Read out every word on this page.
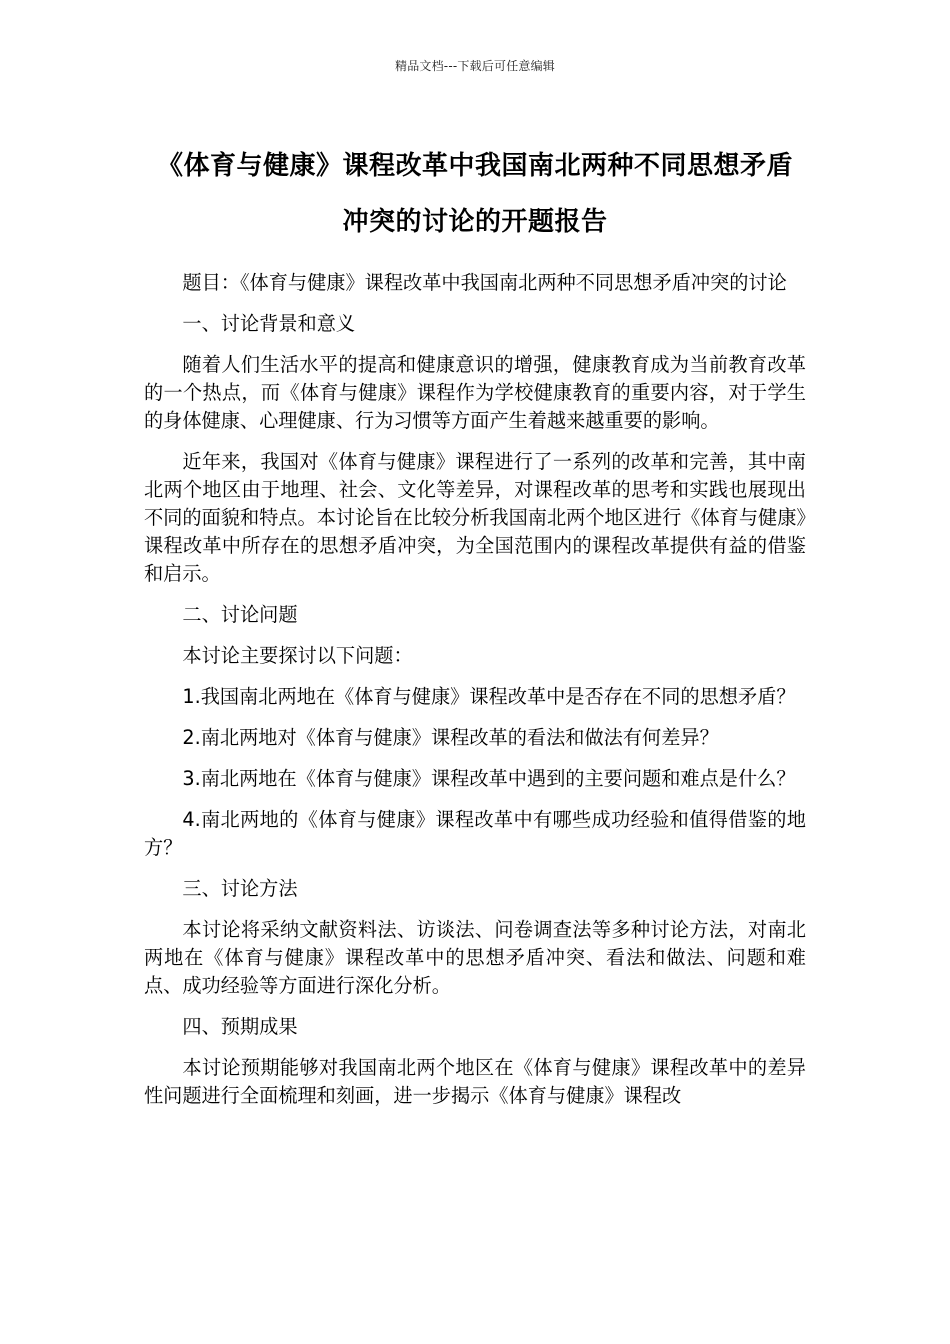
精品文档---下载后可任意编辑
《体育与健康》课程改革中我国南北两种不同思想矛盾冲突的讨论的开题报告

题目：《体育与健康》课程改革中我国南北两种不同思想矛盾冲突的讨论

一、讨论背景和意义

随着人们生活水平的提高和健康意识的增强，健康教育成为当前教育改革的一个热点，而《体育与健康》课程作为学校健康教育的重要内容，对于学生的身体健康、心理健康、行为习惯等方面产生着越来越重要的影响。

近年来，我国对《体育与健康》课程进行了一系列的改革和完善，其中南北两个地区由于地理、社会、文化等差异，对课程改革的思考和实践也展现出不同的面貌和特点。本讨论旨在比较分析我国南北两个地区进行《体育与健康》课程改革中所存在的思想矛盾冲突，为全国范围内的课程改革提供有益的借鉴和启示。

二、讨论问题

本讨论主要探讨以下问题：

1.我国南北两地在《体育与健康》课程改革中是否存在不同的思想矛盾？

2.南北两地对《体育与健康》课程改革的看法和做法有何差异？

3.南北两地在《体育与健康》课程改革中遇到的主要问题和难点是什么？

4.南北两地的《体育与健康》课程改革中有哪些成功经验和值得借鉴的地方？

三、讨论方法

本讨论将采纳文献资料法、访谈法、问卷调查法等多种讨论方法，对南北两地在《体育与健康》课程改革中的思想矛盾冲突、看法和做法、问题和难点、成功经验等方面进行深化分析。

四、预期成果

本讨论预期能够对我国南北两个地区在《体育与健康》课程改革中的差异性问题进行全面梳理和刻画，进一步揭示《体育与健康》课程改
